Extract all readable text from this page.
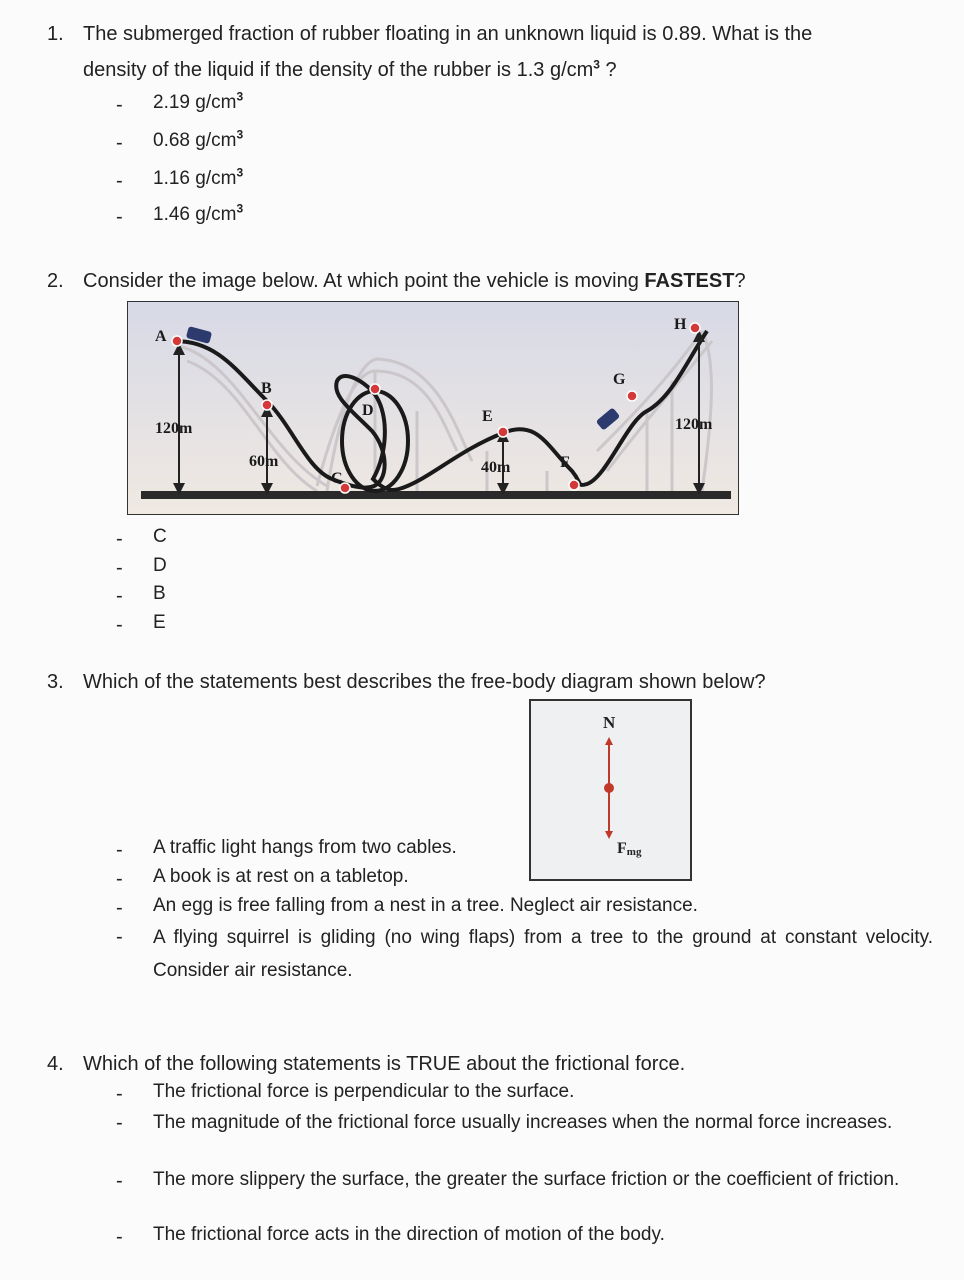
1. The submerged fraction of rubber floating in an unknown liquid is 0.89. What is the
density of the liquid if the density of the rubber is 1.3 $g/cm^3$ ?
- 2.19 $g/cm^3$
- 0.68 $g/cm^3$
- 1.16 $g/cm^3$
- 1.46 $g/cm^3$
2. Consider the image below. At which point the vehicle is moving FASTEST?
A
B
C
D	E
F
G
H
120m
60m	40m
120m
- C
- D
- B
- E
3. Which of the statements best describes the free-body diagram shown below?
N
Fmg
- A traffic light hangs from two cables.
- A book is at rest on a tabletop.
- An egg is free falling from a nest in a tree. Neglect air resistance.
- A flying squirrel is gliding (no wing flaps) from a tree to the ground at constant velocity. Consider air resistance.
4. Which of the following statements is TRUE about the frictional force.
- The frictional force is perpendicular to the surface.
- The magnitude of the frictional force usually increases when the normal force increases.
- The more slippery the surface, the greater the surface friction or the coefficient of friction.
- The frictional force acts in the direction of motion of the body.
